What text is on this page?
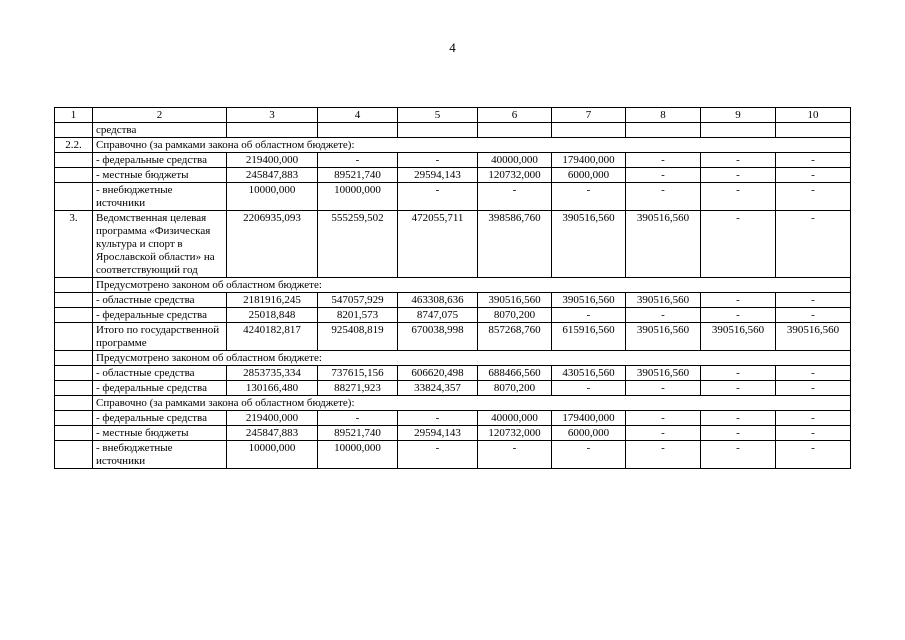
4
1	2	3	4	5	6	7	8	9	10
	средства								
2.2.	Справочно (за рамками закона об областном бюджете):								
	- федеральные средства	219400,000	-	-	40000,000	179400,000	-	-	-
	- местные бюджеты	245847,883	89521,740	29594,143	120732,000	6000,000	-	-	-
	- внебюджетные источники	10000,000	10000,000	-	-	-	-	-	-
3.	Ведомственная целевая программа «Физическая культура и спорт в Ярославской области» на соответствующий год	2206935,093	555259,502	472055,711	398586,760	390516,560	390516,560	-	-
	Предусмотрено законом об областном бюджете:								
	- областные средства	2181916,245	547057,929	463308,636	390516,560	390516,560	390516,560	-	-
	- федеральные средства	25018,848	8201,573	8747,075	8070,200	-	-	-	-
	Итого по государственной программе	4240182,817	925408,819	670038,998	857268,760	615916,560	390516,560	390516,560	390516,560
	Предусмотрено законом об областном бюджете:								
	- областные средства	2853735,334	737615,156	606620,498	688466,560	430516,560	390516,560	-	-
	- федеральные средства	130166,480	88271,923	33824,357	8070,200	-	-	-	-
	Справочно (за рамками закона об областном бюджете):								
	- федеральные средства	219400,000	-	-	40000,000	179400,000	-	-	-
	- местные бюджеты	245847,883	89521,740	29594,143	120732,000	6000,000	-	-	-
	- внебюджетные источники	10000,000	10000,000	-	-	-	-	-	-
